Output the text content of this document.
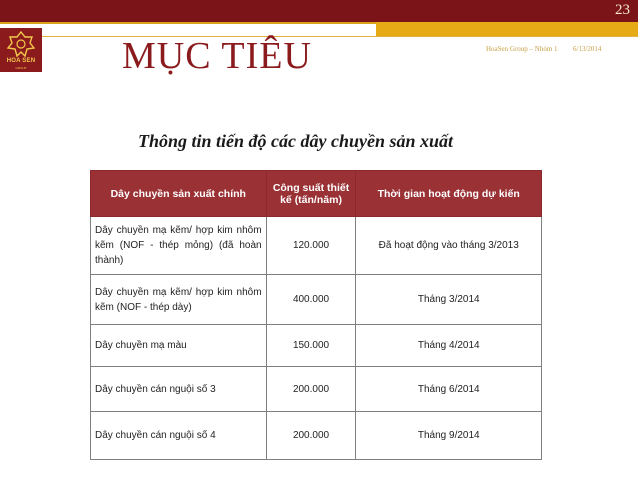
23
HOA SEN
GROUP	MỤC TIÊU	HoaSen Group – Nhóm 1 6/13/2014
Thông tin tiến độ các dây chuyền sản xuất
Dây chuyền sản xuất chính	Công suất thiết kế (tấn/năm)	Thời gian hoạt động dự kiến
Dây chuyền mạ kẽm/ hợp kim nhôm kẽm (NOF - thép mỏng) (đã hoàn thành)	120.000	Đã hoạt động vào tháng 3/2013
Dây chuyền mạ kẽm/ hợp kim nhôm kẽm (NOF - thép dày)	400.000	Tháng 3/2014
Dây chuyền mạ màu	150.000	Tháng 4/2014
Dây chuyền cán nguội số 3	200.000	Tháng 6/2014
Dây chuyền cán nguội số 4	200.000	Tháng 9/2014
